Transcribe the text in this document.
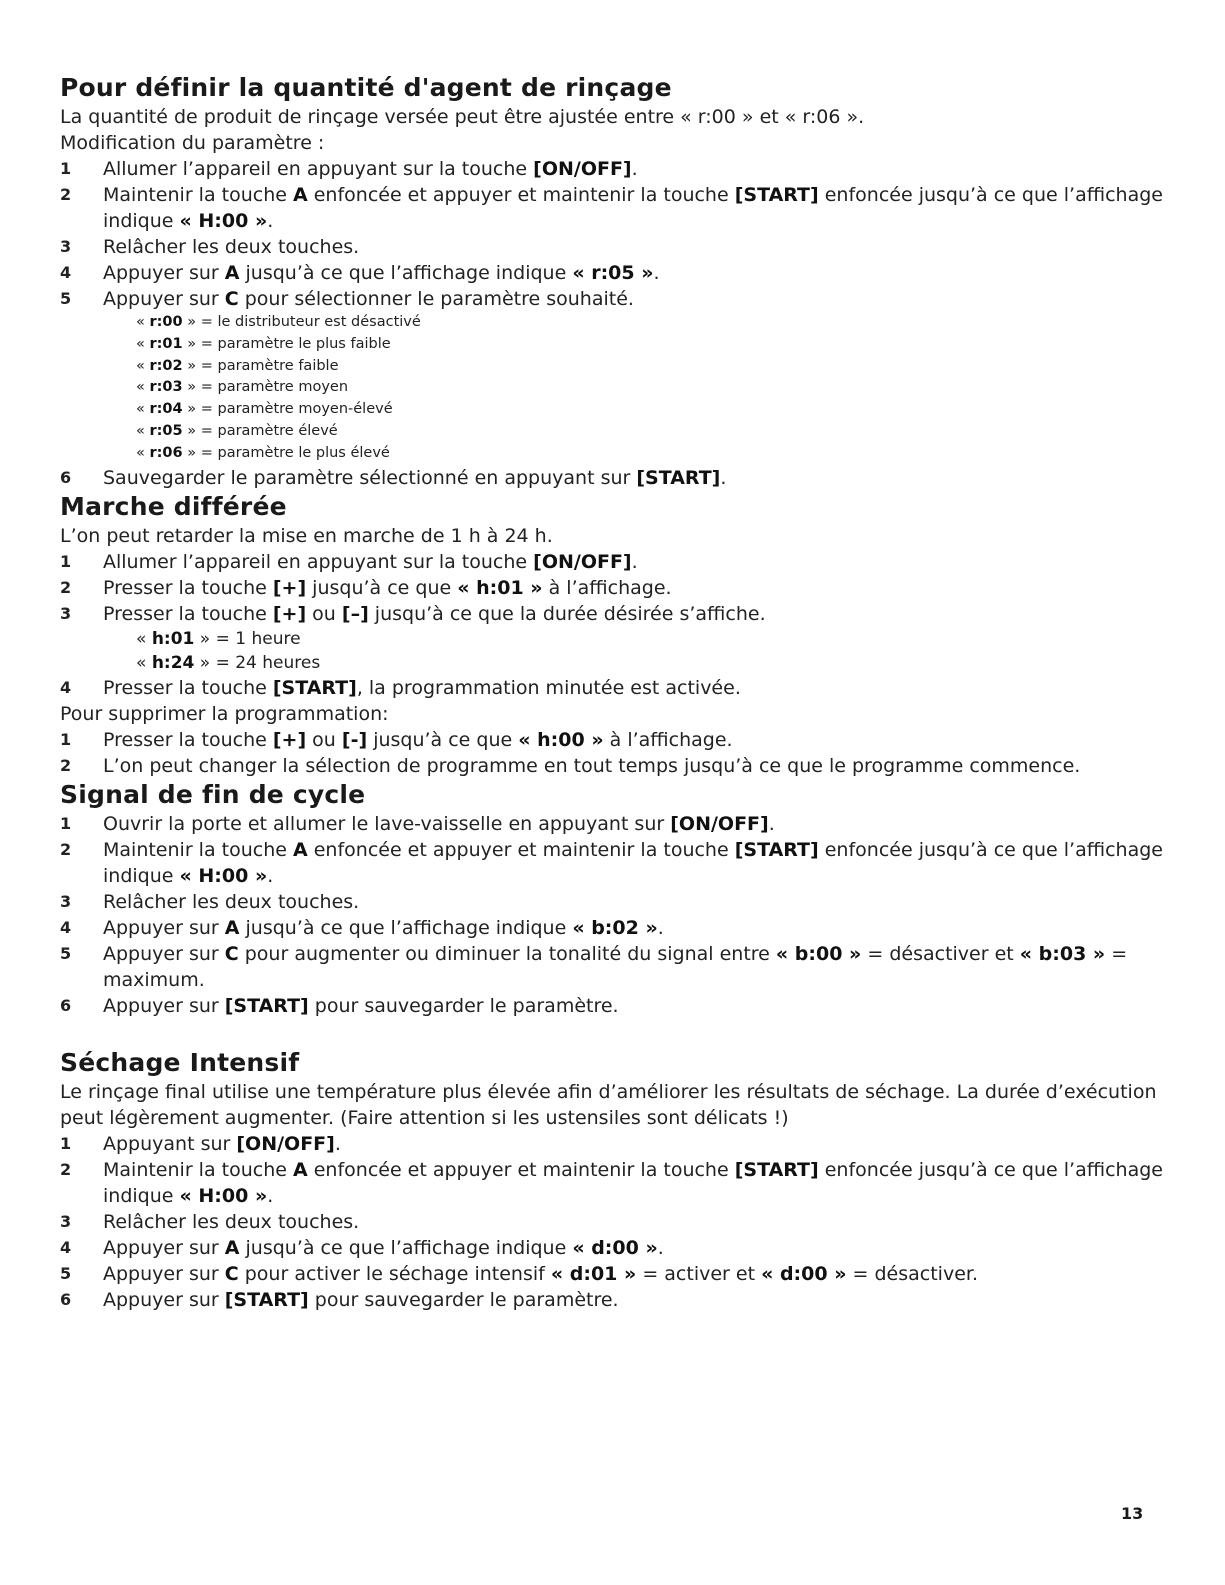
Pour définir la quantité d'agent de rinçage

La quantité de produit de rinçage versée peut être ajustée entre « r:00 » et « r:06 ».

Modification du paramètre :

1	Allumer l’appareil en appuyant sur la touche [ON/OFF].
2	Maintenir la touche A enfoncée et appuyer et maintenir la touche [START] enfoncée jusqu’à ce que l’affichage indique « H:00 ».
3	Relâcher les deux touches.
4	Appuyer sur A jusqu’à ce que l’affichage indique « r:05 ».
5	Appuyer sur C pour sélectionner le paramètre souhaité.
« r:00 » = le distributeur est désactivé
« r:01 » = paramètre le plus faible
« r:02 » = paramètre faible
« r:03 » = paramètre moyen
« r:04 » = paramètre moyen-élevé
« r:05 » = paramètre élevé
« r:06 » = paramètre le plus élevé
6	Sauvegarder le paramètre sélectionné en appuyant sur [START].
Marche différée

L’on peut retarder la mise en marche de 1 h à 24 h.

1	Allumer l’appareil en appuyant sur la touche [ON/OFF].
2	Presser la touche [+] jusqu’à ce que « h:01 » à l’affichage.
3	Presser la touche [+] ou [–] jusqu’à ce que la durée désirée s’affiche.
« h:01 » = 1 heure
« h:24 » = 24 heures
4	Presser la touche [START], la programmation minutée est activée.

Pour supprimer la programmation:

1	Presser la touche [+] ou [-] jusqu’à ce que « h:00 » à l’affichage.
2	L’on peut changer la sélection de programme en tout temps jusqu’à ce que le programme commence.
Signal de fin de cycle
1	Ouvrir la porte et allumer le lave-vaisselle en appuyant sur [ON/OFF].
2	Maintenir la touche A enfoncée et appuyer et maintenir la touche [START] enfoncée jusqu’à ce que l’affichage indique « H:00 ».
3	Relâcher les deux touches.
4	Appuyer sur A jusqu’à ce que l’affichage indique « b:02 ».
5	Appuyer sur C pour augmenter ou diminuer la tonalité du signal entre « b:00 » = désactiver et « b:03 » = maximum.
6	Appuyer sur [START] pour sauvegarder le paramètre.
Séchage Intensif

Le rinçage final utilise une température plus élevée afin d’améliorer les résultats de séchage. La durée d’exécution peut légèrement augmenter. (Faire attention si les ustensiles sont délicats !)

1	Appuyant sur [ON/OFF].
2	Maintenir la touche A enfoncée et appuyer et maintenir la touche [START] enfoncée jusqu’à ce que l’affichage indique « H:00 ».
3	Relâcher les deux touches.
4	Appuyer sur A jusqu’à ce que l’affichage indique « d:00 ».
5	Appuyer sur C pour activer le séchage intensif « d:01 » = activer et « d:00 » = désactiver.
6	Appuyer sur [START] pour sauvegarder le paramètre.
13
